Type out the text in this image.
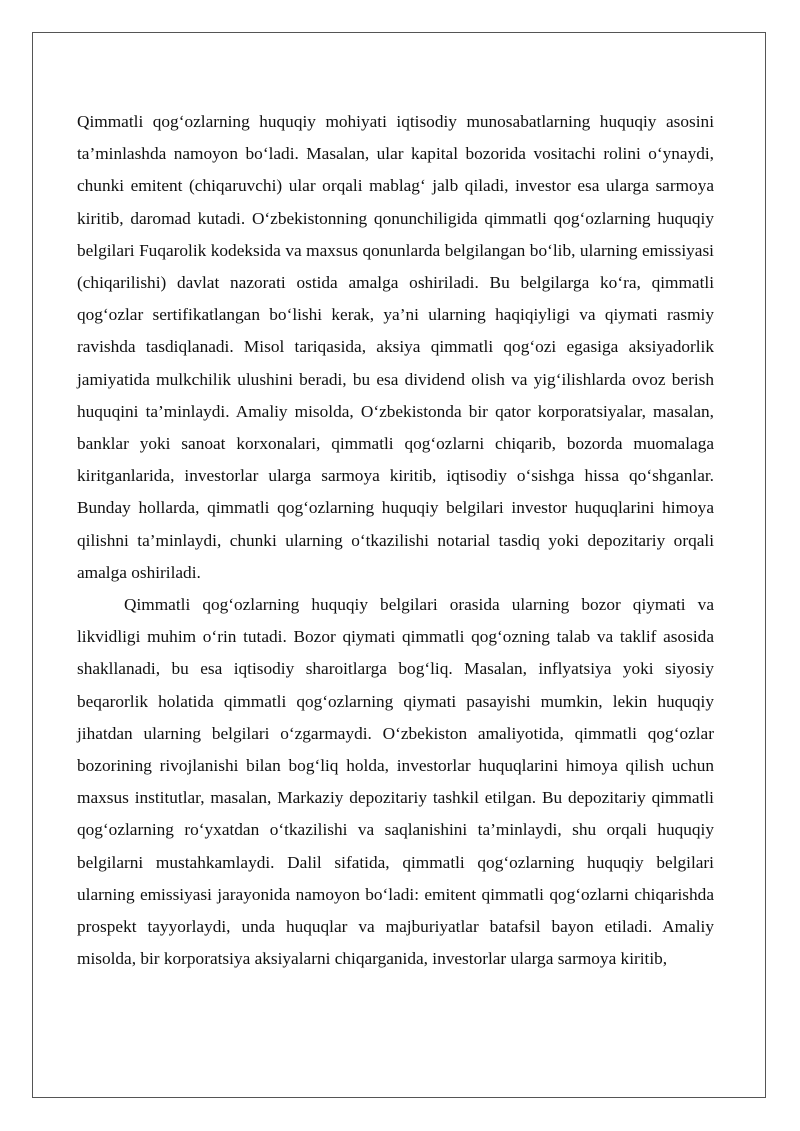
Qimmatli qog‘ozlarning huquqiy mohiyati iqtisodiy munosabatlarning huquqiy asosini ta’minlashda namoyon bo‘ladi. Masalan, ular kapital bozorida vositachi rolini o‘ynaydi, chunki emitent (chiqaruvchi) ular orqali mablag‘ jalb qiladi, investor esa ularga sarmoya kiritib, daromad kutadi. O‘zbekistonning qonunchiligida qimmatli qog‘ozlarning huquqiy belgilari Fuqarolik kodeksida va maxsus qonunlarda belgilangan bo‘lib, ularning emissiyasi (chiqarilishi) davlat nazorati ostida amalga oshiriladi. Bu belgilarga ko‘ra, qimmatli qog‘ozlar sertifikatlangan bo‘lishi kerak, ya’ni ularning haqiqiyligi va qiymati rasmiy ravishda tasdiqlanadi. Misol tariqasida, aksiya qimmatli qog‘ozi egasiga aksiyadorlik jamiyatida mulkchilik ulushini beradi, bu esa dividend olish va yig‘ilishlarda ovoz berish huquqini ta’minlaydi. Amaliy misolda, O‘zbekistonda bir qator korporatsiyalar, masalan, banklar yoki sanoat korxonalari, qimmatli qog‘ozlarni chiqarib, bozorda muomalaga kiritganlarida, investorlar ularga sarmoya kiritib, iqtisodiy o‘sishga hissa qo‘shganlar. Bunday hollarda, qimmatli qog‘ozlarning huquqiy belgilari investor huquqlarini himoya qilishni ta’minlaydi, chunki ularning o‘tkazilishi notarial tasdiq yoki depozitariy orqali amalga oshiriladi.

Qimmatli qog‘ozlarning huquqiy belgilari orasida ularning bozor qiymati va likvidligi muhim o‘rin tutadi. Bozor qiymati qimmatli qog‘ozning talab va taklif asosida shakllanadi, bu esa iqtisodiy sharoitlarga bog‘liq. Masalan, inflyatsiya yoki siyosiy beqarorlik holatida qimmatli qog‘ozlarning qiymati pasayishi mumkin, lekin huquqiy jihatdan ularning belgilari o‘zgarmaydi. O‘zbekiston amaliyotida, qimmatli qog‘ozlar bozorining rivojlanishi bilan bog‘liq holda, investorlar huquqlarini himoya qilish uchun maxsus institutlar, masalan, Markaziy depozitariy tashkil etilgan. Bu depozitariy qimmatli qog‘ozlarning ro‘yxatdan o‘tkazilishi va saqlanishini ta’minlaydi, shu orqali huquqiy belgilarni mustahkamlaydi. Dalil sifatida, qimmatli qog‘ozlarning huquqiy belgilari ularning emissiyasi jarayonida namoyon bo‘ladi: emitent qimmatli qog‘ozlarni chiqarishda prospekt tayyorlaydi, unda huquqlar va majburiyatlar batafsil bayon etiladi. Amaliy misolda, bir korporatsiya aksiyalarni chiqarganida, investorlar ularga sarmoya kiritib,
